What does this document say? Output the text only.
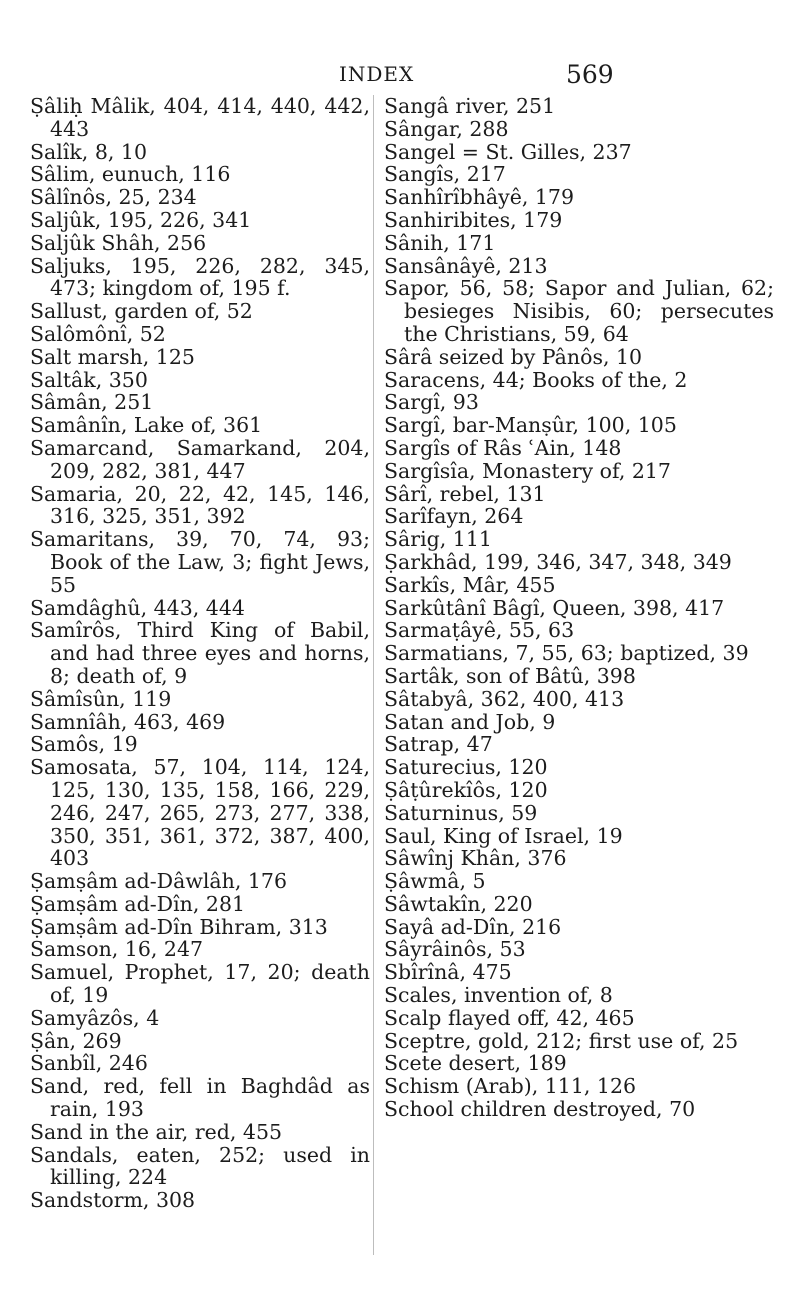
INDEX	569
Ṣâliḥ Mâlik, 404, 414, 440, 442, 443
Salîk, 8, 10
Sâlim, eunuch, 116
Sâlînôs, 25, 234
Saljûk, 195, 226, 341
Saljûk Shâh, 256
Saljuks, 195, 226, 282, 345, 473; kingdom of, 195 f.
Sallust, garden of, 52
Salômônî, 52
Salt marsh, 125
Saltâk, 350
Sâmân, 251
Samânîn, Lake of, 361
Samarcand, Samarkand, 204, 209, 282, 381, 447
Samaria, 20, 22, 42, 145, 146, 316, 325, 351, 392
Samaritans, 39, 70, 74, 93; Book of the Law, 3; fight Jews, 55
Samdâghû, 443, 444
Samîrôs, Third King of Babil, and had three eyes and horns, 8; death of, 9
Sâmîsûn, 119
Samnîâh, 463, 469
Samôs, 19
Samosata, 57, 104, 114, 124, 125, 130, 135, 158, 166, 229, 246, 247, 265, 273, 277, 338, 350, 351, 361, 372, 387, 400, 403
Ṣamṣâm ad-Dâwlâh, 176
Ṣamṣâm ad-Dîn, 281
Ṣamṣâm ad-Dîn Bihram, 313
Samson, 16, 247
Samuel, Prophet, 17, 20; death of, 19
Samyâzôs, 4
Ṣân, 269
Sanbîl, 246
Sand, red, fell in Baghdâd as rain, 193
Sand in the air, red, 455
Sandals, eaten, 252; used in killing, 224
Sandstorm, 308
Sangâ river, 251
Sângar, 288
Sangel = St. Gilles, 237
Sangîs, 217
Sanhîrîbhâyê, 179
Sanhiribites, 179
Sânih, 171
Sansânâyê, 213
Sapor, 56, 58; Sapor and Julian, 62; besieges Nisibis, 60; persecutes the Christians, 59, 64
Sârâ seized by Pânôs, 10
Saracens, 44; Books of the, 2
Sargî, 93
Sargî, bar-Manṣûr, 100, 105
Sargîs of Râs ʿAin, 148
Sargîsîa, Monastery of, 217
Sârî, rebel, 131
Sarîfayn, 264
Sârig, 111
Ṣarkhâd, 199, 346, 347, 348, 349
Sarkîs, Mâr, 455
Sarkûtânî Bâgî, Queen, 398, 417
Sarmaṭâyê, 55, 63
Sarmatians, 7, 55, 63; baptized, 39
Sartâk, son of Bâtû, 398
Sâtabyâ, 362, 400, 413
Satan and Job, 9
Satrap, 47
Saturecius, 120
Ṣâṭûrekîôs, 120
Saturninus, 59
Saul, King of Israel, 19
Sâwînj Khân, 376
Ṣâwmâ, 5
Sâwtakîn, 220
Sayâ ad-Dîn, 216
Sâyrâinôs, 53
Sbîrînâ, 475
Scales, invention of, 8
Scalp flayed off, 42, 465
Sceptre, gold, 212; first use of, 25
Scete desert, 189
Schism (Arab), 111, 126
School children destroyed, 70
